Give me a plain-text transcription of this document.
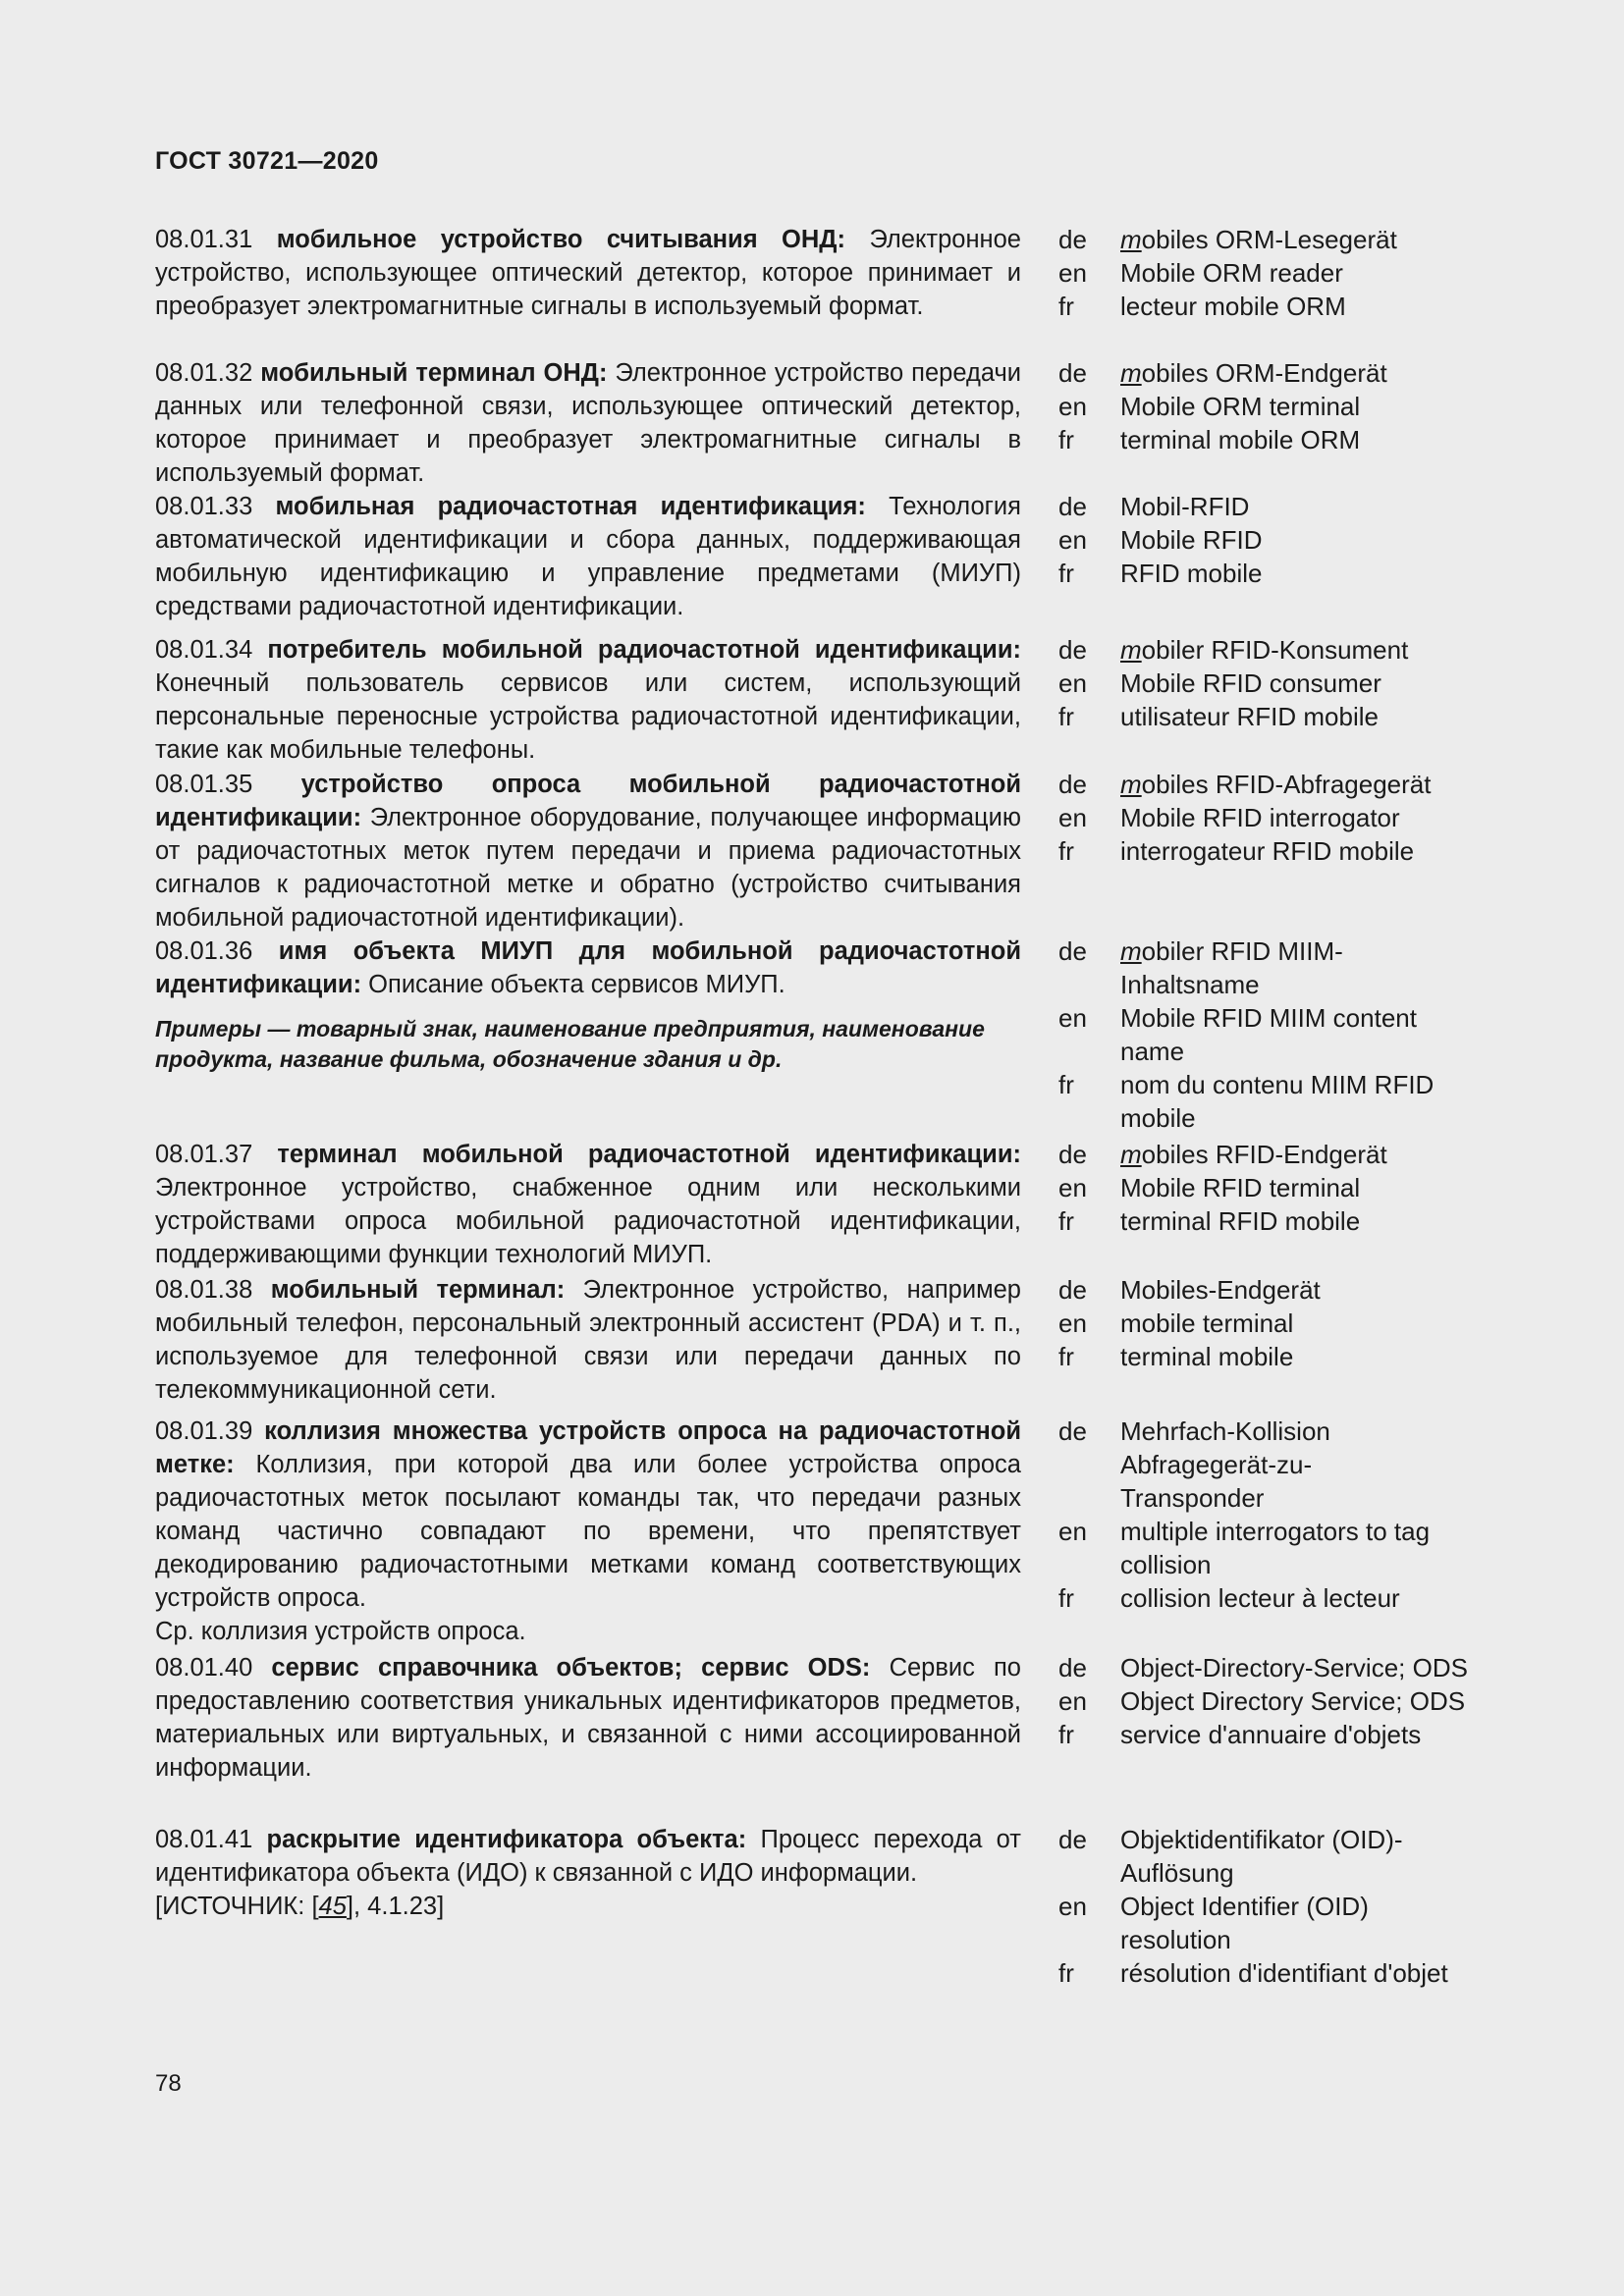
ГОСТ 30721—2020
08.01.31 мобильное устройство считывания ОНД: Электронное устройство, использующее оптический детектор, которое принимает и преобразует электромагнитные сигналы в используемый формат.
de	mobiles ORM-Lesegerät
en	Mobile ORM reader
fr	lecteur mobile ORM
08.01.32 мобильный терминал ОНД: Электронное устройство передачи данных или телефонной связи, использующее оптический детектор, которое принимает и преобразует электромагнитные сигналы в используемый формат.
de	mobiles ORM-Endgerät
en	Mobile ORM terminal
fr	terminal mobile ORM
08.01.33 мобильная радиочастотная идентификация: Технология автоматической идентификации и сбора данных, поддерживающая мобильную идентификацию и управление предметами (МИУП) средствами радиочастотной идентификации.
de	Mobil-RFID
en	Mobile RFID
fr	RFID mobile
08.01.34 потребитель мобильной радиочастотной идентификации: Конечный пользователь сервисов или систем, использующий персональные переносные устройства радиочастотной идентификации, такие как мобильные телефоны.
de	mobiler RFID-Konsument
en	Mobile RFID consumer
fr	utilisateur RFID mobile
08.01.35 устройство опроса мобильной радиочастотной идентификации: Электронное оборудование, получающее информацию от радиочастотных меток путем передачи и приема радиочастотных сигналов к радиочастотной метке и обратно (устройство считывания мобильной радиочастотной идентификации).
de	mobiles RFID-Abfragegerät
en	Mobile RFID interrogator
fr	interrogateur RFID mobile
08.01.36 имя объекта МИУП для мобильной радиочастотной идентификации: Описание объекта сервисов МИУП.
Примеры — товарный знак, наименование предприятия, наименование продукта, название фильма, обозначение здания и др.
de	mobiler RFID MIIM-Inhaltsname
en	Mobile RFID MIIM content name
fr	nom du contenu MIIM RFID mobile
08.01.37 терминал мобильной радиочастотной идентификации: Электронное устройство, снабженное одним или несколькими устройствами опроса мобильной радиочастотной идентификации, поддерживающими функции технологий МИУП.
de	mobiles RFID-Endgerät
en	Mobile RFID terminal
fr	terminal RFID mobile
08.01.38 мобильный терминал: Электронное устройство, например мобильный телефон, персональный электронный ассистент (PDA) и т. п., используемое для телефонной связи или передачи данных по телекоммуникационной сети.
de	Mobiles-Endgerät
en	mobile terminal
fr	terminal mobile
08.01.39 коллизия множества устройств опроса на радиочастотной метке: Коллизия, при которой два или более устройства опроса радиочастотных меток посылают команды так, что передачи разных команд частично совпадают по времени, что препятствует декодированию радиочастотными метками команд соответствующих устройств опроса.
Ср. коллизия устройств опроса.
de	Mehrfach-Kollision Abfragegerät-zu-Transponder
en	multiple interrogators to tag collision
fr	collision lecteur à lecteur
08.01.40 сервис справочника объектов; сервис ODS: Сервис по предоставлению соответствия уникальных идентификаторов предметов, материальных или виртуальных, и связанной с ними ассоциированной информации.
de	Object-Directory-Service; ODS
en	Object Directory Service; ODS
fr	service d'annuaire d'objets
08.01.41 раскрытие идентификатора объекта: Процесс перехода от идентификатора объекта (ИДО) к связанной с ИДО информации.
[ИСТОЧНИК: [45], 4.1.23]
de	Objektidentifikator (OID)-Auflösung
en	Object Identifier (OID) resolution
fr	résolution d'identifiant d'objet
78
